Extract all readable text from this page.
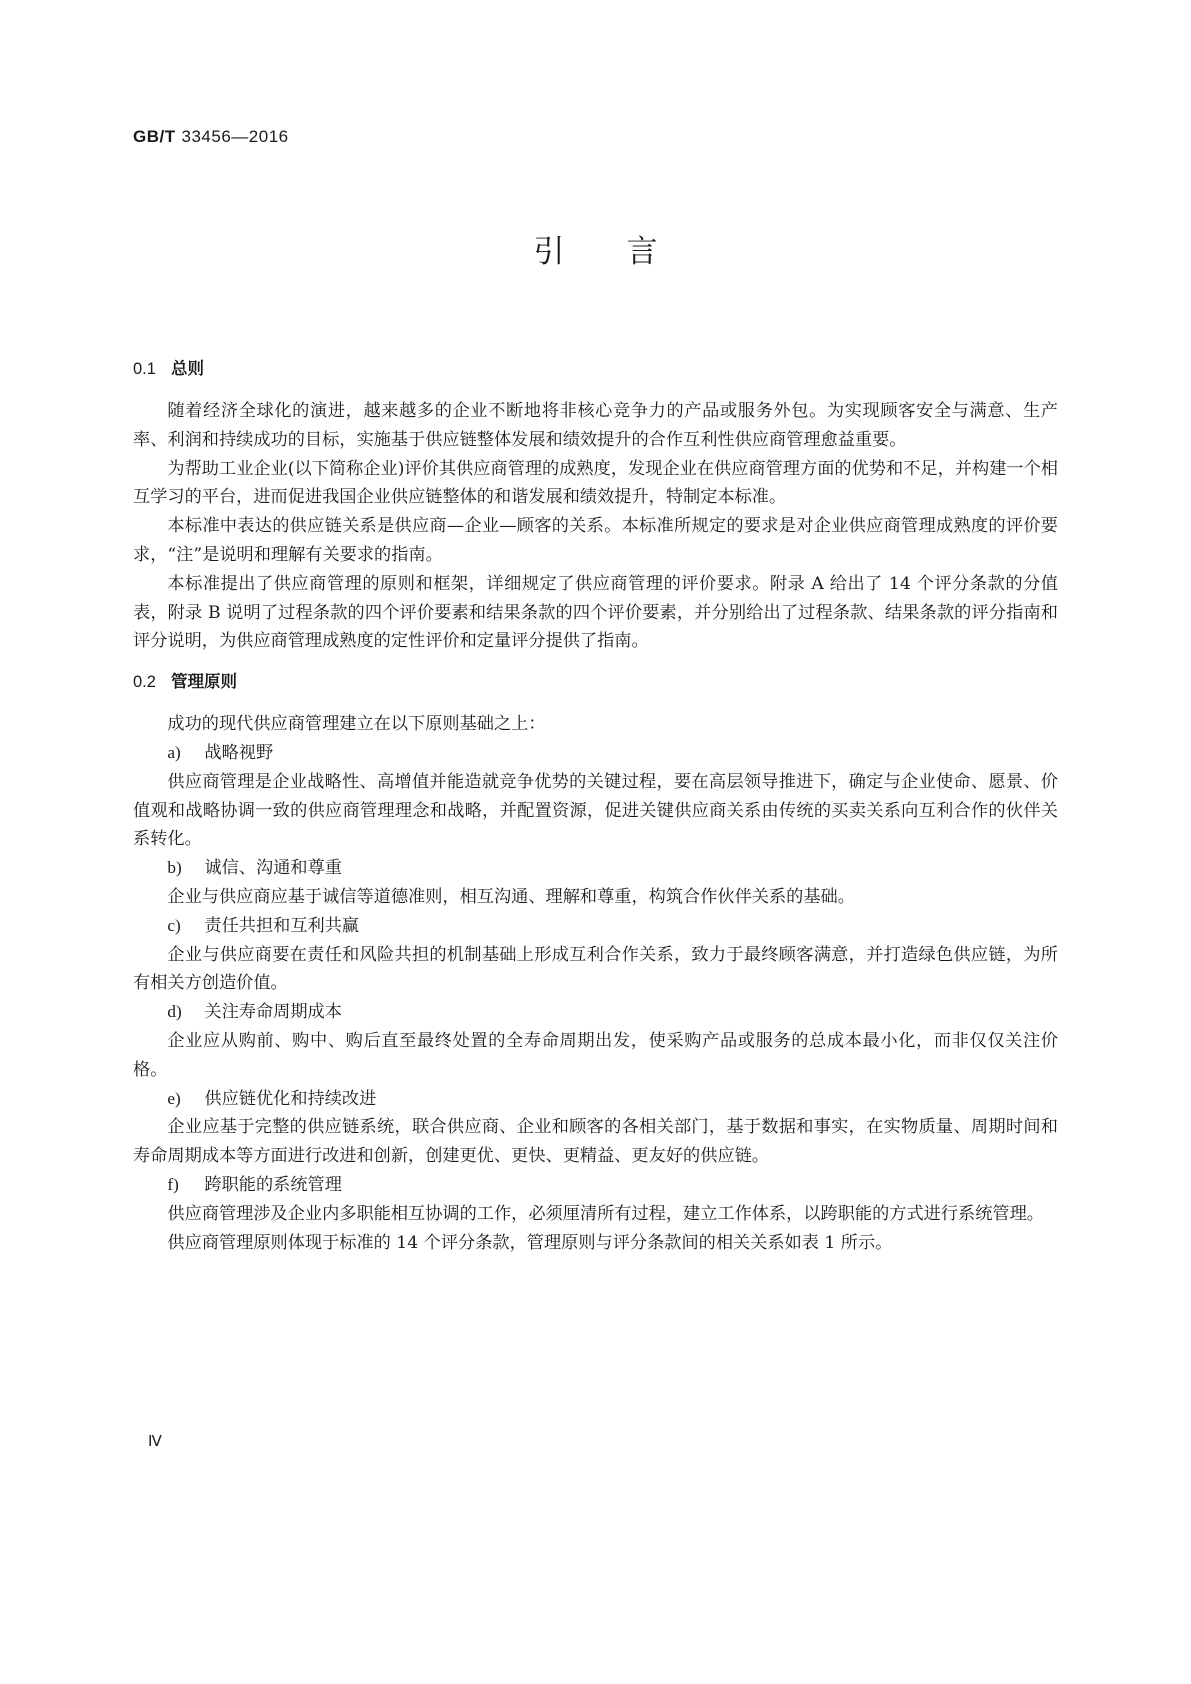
GB/T 33456—2016
引言
0.1 总则

随着经济全球化的演进，越来越多的企业不断地将非核心竞争力的产品或服务外包。为实现顾客安全与满意、生产率、利润和持续成功的目标，实施基于供应链整体发展和绩效提升的合作互利性供应商管理愈益重要。

为帮助工业企业(以下简称企业)评价其供应商管理的成熟度，发现企业在供应商管理方面的优势和不足，并构建一个相互学习的平台，进而促进我国企业供应链整体的和谐发展和绩效提升，特制定本标准。

本标准中表达的供应链关系是供应商—企业—顾客的关系。本标准所规定的要求是对企业供应商管理成熟度的评价要求，“注”是说明和理解有关要求的指南。

本标准提出了供应商管理的原则和框架，详细规定了供应商管理的评价要求。附录 A 给出了 14 个评分条款的分值表，附录 B 说明了过程条款的四个评价要素和结果条款的四个评价要素，并分别给出了过程条款、结果条款的评分指南和评分说明，为供应商管理成熟度的定性评价和定量评分提供了指南。

0.2 管理原则

成功的现代供应商管理建立在以下原则基础之上：

a) 战略视野

供应商管理是企业战略性、高增值并能造就竞争优势的关键过程，要在高层领导推进下，确定与企业使命、愿景、价值观和战略协调一致的供应商管理理念和战略，并配置资源，促进关键供应商关系由传统的买卖关系向互利合作的伙伴关系转化。

b) 诚信、沟通和尊重

企业与供应商应基于诚信等道德准则，相互沟通、理解和尊重，构筑合作伙伴关系的基础。

c) 责任共担和互利共赢

企业与供应商要在责任和风险共担的机制基础上形成互利合作关系，致力于最终顾客满意，并打造绿色供应链，为所有相关方创造价值。

d) 关注寿命周期成本

企业应从购前、购中、购后直至最终处置的全寿命周期出发，使采购产品或服务的总成本最小化，而非仅仅关注价格。

e) 供应链优化和持续改进

企业应基于完整的供应链系统，联合供应商、企业和顾客的各相关部门，基于数据和事实，在实物质量、周期时间和寿命周期成本等方面进行改进和创新，创建更优、更快、更精益、更友好的供应链。

f) 跨职能的系统管理

供应商管理涉及企业内多职能相互协调的工作，必须厘清所有过程，建立工作体系，以跨职能的方式进行系统管理。

供应商管理原则体现于标准的 14 个评分条款，管理原则与评分条款间的相关关系如表 1 所示。

Ⅳ
